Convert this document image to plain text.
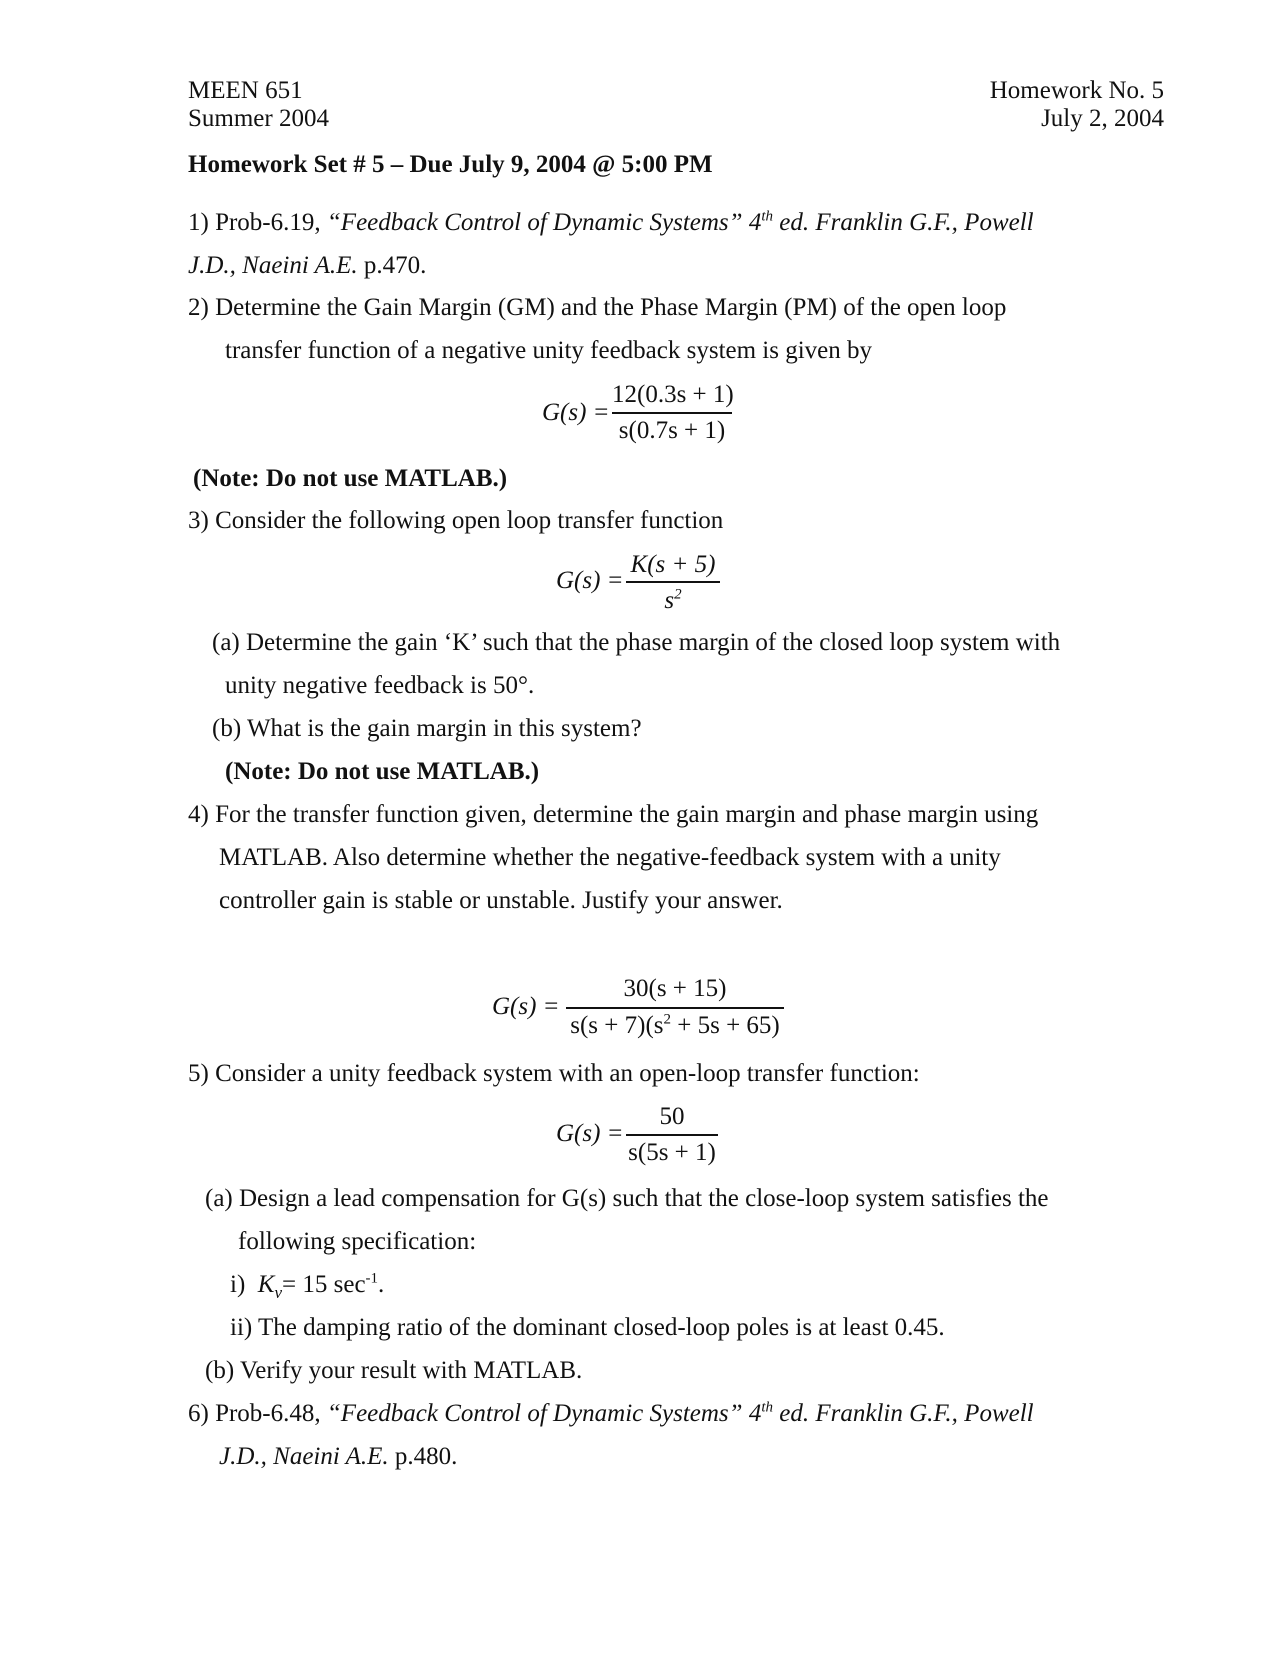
MEEN 651
Summer 2004
Homework No. 5
July 2, 2004
Homework Set # 5 – Due July 9, 2004 @ 5:00 PM
1) Prob-6.19, “Feedback Control of Dynamic Systems” 4th ed. Franklin G.F., Powell
J.D., Naeini A.E. p.470.
2) Determine the Gain Margin (GM) and the Phase Margin (PM) of the open loop
transfer function of a negative unity feedback system is given by
G(s) =
12(0.3s + 1)
s(0.7s + 1)
(Note: Do not use MATLAB.)
3) Consider the following open loop transfer function
G(s) =
K(s + 5)
$s^2$
(a) Determine the gain ‘K’ such that the phase margin of the closed loop system with
unity negative feedback is 50°.
(b) What is the gain margin in this system?
(Note: Do not use MATLAB.)
4) For the transfer function given, determine the gain margin and phase margin using
MATLAB. Also determine whether the negative-feedback system with a unity
controller gain is stable or unstable. Justify your answer.
G(s) =
30(s + 15)
$s(s + 7)(s^2 + 5s + 65)$
5) Consider a unity feedback system with an open-loop transfer function:
G(s) =
50
s(5s + 1)
(a) Design a lead compensation for G(s) such that the close-loop system satisfies the
following specification:
i) $K_v= 15$ $\sec^{-1}$.
ii) The damping ratio of the dominant closed-loop poles is at least 0.45.
(b) Verify your result with MATLAB.
6) Prob-6.48, “Feedback Control of Dynamic Systems” 4th ed. Franklin G.F., Powell
J.D., Naeini A.E. p.480.
